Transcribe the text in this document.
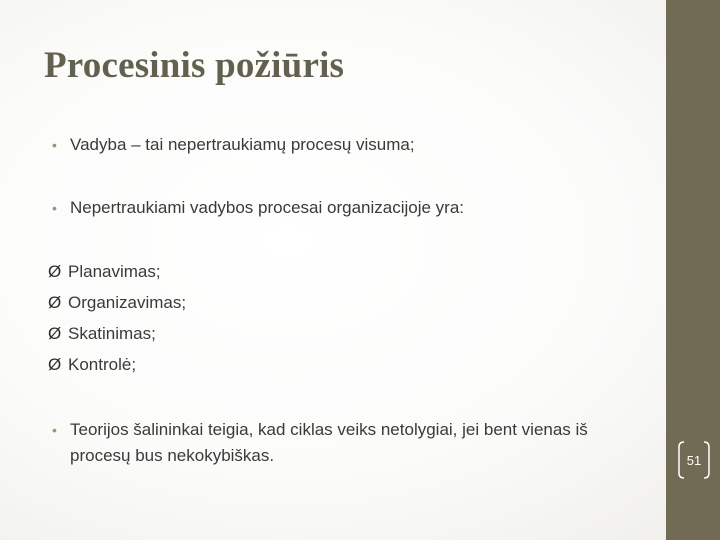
Procesinis požiūris
• Vadyba – tai nepertraukiamų procesų visuma;
• Nepertraukiami vadybos procesai organizacijoje yra:
Ø Planavimas;
Ø Organizavimas;
Ø Skatinimas;
Ø Kontrolė;
• Teorijos šalininkai teigia, kad ciklas veiks netolygiai, jei bent vienas iš procesų bus nekokybiškas.	51
